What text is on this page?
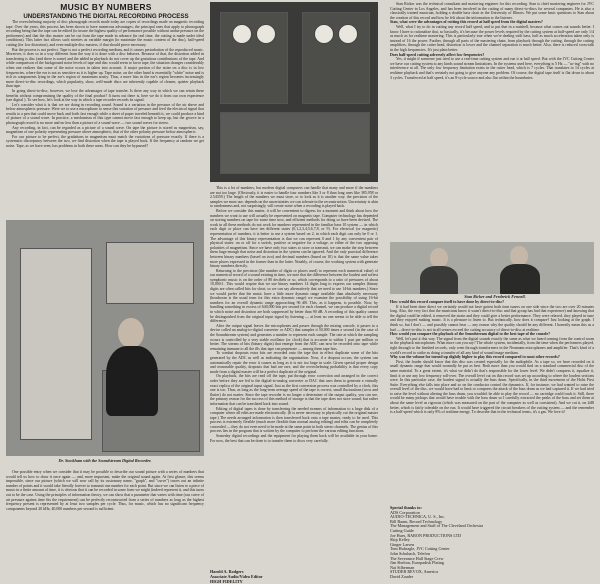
MUSIC BY NUMBERS
UNDERSTANDING THE DIGITAL RECORDING PROCESS

The overwhelming majority of disc phonograph records made today are copies of recordings made on magnetic recording tape. Over the years, this process has been shown to have numerous advantages, the principal ones that apply to phonograph recording being that the tape can be edited (to insure the highest quality of performance possible without undue pressure on the performers) and that the disc master can be cut from the tape made in advance (in real time, the cutting is made under ideal conditions). This latter fact allows such niceties as variable margin (to maximize the music content of the disc), half-speed cutting (for low distortion), and even multiple disc masters, if that should prove necessary.

But the process is not perfect. Tape is not a perfect recording medium, and it causes perturbation of the reproduced music. Moreover, it does so in a way different from the way it is done with a disc behaves. Because of that, the distortion added in transferring is disc (and there is some) and the added in playback do not cover up the gratuitous contributions of the tape. And while comparison of the background noise levels of tape and disc would seem to favor tape, the situation changes considerably when one realizes that some of the noise occurs in taken into account. A major portion of the noise on a disc is in low frequencies, where the ear is not as sensitive as it is higher up. Tape noise, on the other hand is essentially "white" noise and is rich in components lying in the ear's region of maximum acuity. Thus, a more hiss in the ear's region becomes increasingly more direct-to-disc recordings, which popularity, show, well-made discs are inherently capable of cleaner, quieter playback than tape.

In going direct-to-disc, however, we lose the advantages of tape transfer. Is there any way in which we can retain these benefits without compromising the quality of the final product? It turns out there is, here we do it from our own experience (see digital ). To see how, let's look at the way in which a tape recorder records its signal.

Let's consider what it is that we are doing in recording sound. Sound is a variation in the pressure of the air above and below atmospheric pressure. Were we to use a microphone to sense this variation of pressure and feed the electrical signal that results to a pen that could move back and forth fast enough while a sheet of paper traveled beneath it, we could produce a kind of picture of a sound wave. In practice, a mechanism of this type cannot move fast enough to keep up, but the groove in a phonograph record is no more and no less than a picture of a sound wave — two sound waves for stereo.

Any recording, in fact, can be regarded as a picture of a sound wave. On tape the picture is stored as magnetism, say, magnetism of one polarity representing pressure above atmospheric, that of the other polarity pressure below atmospheric.

For our picture to be perfect, the gradations in magnetism must match the variations of pressure exactly. If there is a systematic discrepancy between the two, we find distortion when the tape is played back. If the frequency at random we get noise. Tape, as we have seen, has problems in both these areas. How can they be bypassed?

Dr. Stockham with the Soundstream Digital Recorder.

One possible entry when we consider that it may be possible to describe our sound picture with a series of numbers that would tell us how to draw it once again — and, more important, make the original sound again. At first glance, this seems impossible, since our picture (which we will now call by its customary name, "graph", and "curve") traces out an infinite number of points and it would take literally forever to transmit one number for each point. But since we can listen to a piece of music in a finite amount of time, it is obvious that it can be recorded in some form we might (indeed represent it, and this turns out to be the case. Using the principles of information theory, we can show that a parameter that varies with time (our curve of air pressure against time fits the requirement) can be perfectly reconstructed from a series of numbers as long as the highest frequency present is represented by at least two samples per cycle. Thus, for music, which has no significant frequency components beyond 20 kHz, 40,000 numbers per second is sufficient.

This is a lot of numbers, but modern digital computers can handle that many and more if the numbers are not too large. (Obviously, it is easier to handle four numbers like 3 or 8 than long ones like 385,958 or 2.54359.) The length of the numbers we must store, or to look as it is another way, the precision of the samples we must use, depends on the uncertainties we can tolerate in the reconstruction. Uncertainty is akin to randomness and, not surprisingly, will create noise when a recording is played back.

Before we consider this matter, it will be convenient to digress for a moment and think about how the numbers we want to use will actually be represented on magnetic tape. Computer technology has depended on storing numbers on tape for some time now, and efficient methods for doing so have been devised. The work in all these methods do not work for numbers represented in the familiar base 10 system — in which each digit or place can have ten different states (0,1,2,3,4,5,6,7,8, or 9). For electrical (or magnetic) representation of numbers, it is better to use a system based on 2, in which each digit can only be 0 or 1. The advantage of this binary representation is that we can represent 0 and 1 by any convenient pair of physical states: on or off for a switch, positive or negative for a voltage, or either of the two opposing polarities of magnetism. Since we have only two states to store or transmit, we can make the step between them large enough that noise and distortion in the system can be ignored. And the only practical difference between binary numbers (based on two) and decimal numbers (based on 10) is that the same value takes more places expressed in the former than in the latter. Notably, of course, the working system with generate binary numbers directly.

Returning to the precision (the number of digits or places used) to represent each numerical value) of our numerical record of a sound existing in time, we note that the difference between the loudest and softest symphonic music is on the order of 80 decibels or so, which corresponds to a ratio of pressures of about 10,000:1. This would require that we use binary numbers 14 digits long to express our samples (binary digits are often called bits for short, so we can say alternatively that we need to use 14-bit numbers.) Since we would prefer that the music have a little more dynamic range available than absolutely necessary (headroom is the usual term for this extra dynamic range) we examine the possibility of using 16-bit numbers for an overall dynamic range approaching 96 dB. This, as it happens, is possible. Now, by handling something in excess of 640,000 bits per second for each channel, we can produce a digital record in which noise and distortion are both suppressed by better than 90 dB. A recording of this quality cannot be distinguished from the original input signal by listening — at least no one seems to be able to tell the difference.

After the output signal leaves the microphones and passes through the mixing console, it passes to a device called an analog-to-digital converter or ADC) that samples it 50,000 times a second (in the case of the Soundstream system) and generates a number to represent each sample. The rate at which the sampling occurs is controlled by a very stable oscillator (or clock) that is accurate to within 1 part per million or better. The stream of bits (binary digits) that emerge from the ADC can now be recorded onto tape while remaining immune to all the ills that tape can perpetrate — among them tape hiss.

To combat dropouts extra bits are recorded onto the tape that in effect duplicate some of the bits generated by the ADC as well as indicating the organization. Now, if a dropout occurs, the system can automatically repair the error it causes as long as it is not too large in scale. Given special proper design and reasonable quality, dropouts that bad are rare, and the overwhelming probability is that every copy made from a digital master will be a perfect duplicate of the original.

On playback, the bits are read off the tape, put through error correction and arranged in the correct order before they are fed to the digital-to-analog converter or DAC that uses them to generate a virtually exact replica of the original input signal. Just as the first conversion process was controlled by a clock, this one is too. Thus, as long as the long-term average speed of the tape is correct, small fluctuations (wow and flutter) do not matter. Since the tape recorder is no longer a determiner of the output quality, you can see, the primary reason for the success of this method of storage is that the tape does not store sound, but rather information that can be translated back into sound.

Editing of digital tapes is done by transferring the needed streams of information to a large disk of a computer where all edits are made electronically. (It is never necessary to physically cut the original master tape.) The needs arranged information is then transferred back onto a tape master, ready to be used. This process is extremely flexible (much more flexible than normal analog editing) and edits can be completely concealed — they do not even need to be made at the same point in both stereo channels. The genius of this process lies in the program that is written by the computer to perform the various editing functions.

Someday digital recordings and the equipment for playing them back will be available in your home. For now, the best that can be done is to transfer them to discs very carefully.

Harold A. Rodgers
Associate Audio/Video Editor
HIGH FIDELITY

Stan Ricker was the technical consultant and mastering engineer for this recording. Stan is chief mastering engineer for JVC Cutting Center in Los Angeles, and has been involved in the cutting of many direct-to-discs for several companies. He is also a classically trained musician, holding a double bass chair in the University of Illinois. We put some basic questions to Stan about the creation of this record and how he felt about the information to the listener.

Stan, what were the advantages of cutting this record at half speed from the digital masters?

Well, what I try to do in cutting any record half speed, and to put that in a nutshell, because what comes out sounds better. I know I have to rationalize that, so basically, it's because the power levels required by the cutting system at half-speed are only 1/4 as much as for realtime mastering. This is particularly true when we're dealing with bass, half as much acceleration taken only is instead of 16 the power. Further, through all parts of the mastering chain, from playback through the cutting, through the cutting amplifiers, through the cutter head, distortion is lower and the channel separation is much better. Also, there is reduced cross-talk in the high frequencies. It's just plain better.

Does half-speed cutting adversely affect low frequencies?

Yes, it might if someone just tried to use a real-time cutting system and run it at half speed. But with the JVC Cutting Center we have our cutting system to any kinds sound stream limitations. In the systems used here, everything is 5 Hz — "ac-ing" with no interference at all. The only low frequency limitation exists in the cutter head, which is 7 cycles. That translates to 14 cycles at realtime playback and that's certainly not going to give anyone any problem. Of course, the digital tape itself is flat down to about 3 cycles. Transferred at half speed, it's an 8-cycle source and also flat within the boundaries.

Stan Ricker and Frederick Fennell.

How would this record compare itself to have done by direct-to-disc?

If it had been done direct we certainly would not have gotten both time tuners on one side since the two are over 20 minutes long. Also, the very fact that the musicians know it wasn't direct-to-disc and that group has had that experience) and knowing that the digital could be edited, it removed the strain and they could give a better performance. They were relaxed, they played in tune and they enjoyed making music. It is a pleasure to listen to. But technically, how does it compare? Just looking at the graph. I think so, but I don't — and possibly cannot hear — any reason why the quality should be any different. I honestly mean this as a bad — direct-to-disc is not in all senses exceed the cutting accuracy of direct-to-disc at realtime.

How would you compare the playback of the Soundstream digital to the best tape of the console?

Well, let's put it this way. The signal from the digital sounds exactly the same as what we heard coming from the control room in the playback microphones. What more can you say? The whole system, incidentally, from the time when the performers played, right through to the finished records, only went through transformers in the Neumann microphones and amplifier. That's kind of a world's record to strike as doing a transfer of all any kind of sound image medium.

Why was the volume for turned up slightly higher to play this record compared to most other records?

First, the louder should know that this disc was created especially for the audiophile. As a tape so, we have recorded on it small dynamic range that would normally be put as best. Both more than you would find on a standard commercial disc of the same material. To a great extent, it's what we didn't do that's responsible for the lower level. We didn't compress it, equalize it, limit it or use any low frequency roll-over. The overall level cut on this record was set up according to where the loudest sections were. In this particular case, the loudest signal is actually the bass drum. Specifically, in the third movement of the Holst First Suite. Everything else falls into place and so on the conductor control the dynamics. If, for instance, we had wanted to raise the overall level of the disc, we would have had to limit or compress the attack of the bass drum as we had captured it. If we had tried to raise the level without altering the bass drum, you wouldn't be able to play the record — no cartridge could track it. Still, there would be many pickups that would have trouble with the bass drum so I carefully extracted the peaks of the bass and set them at about the same level as rigorous (which was measured on the part of the computer as well as consistent). And we cut it, on 2dB better, which is fairly tolerable on the run. It would have triggered the circuit breakers of the cutting system — and the remember is a half-speed which is only 8% of realtime energy. To describe that in the technical terms, it's a gas. We love it!

Special thanks to:
ADS Corporation
AUDIO-TECHNICA, U. S., Inc.
Bill Baum, Record Technology
The Management and Staff of The Cleveland Orchestra
Cutting Guide
Joe Hues, BARON PRODUCTIONS LTD
Skip Kelley
Ginger Larsen
Tom Hufnagle, JVC Cutting Center
John Schubach, Telefon
The Severance Hall Stage Crew
Jim Shelton, Europadisk Plating
Nat Silberman
STUDER REVOX, America
David Zauder
